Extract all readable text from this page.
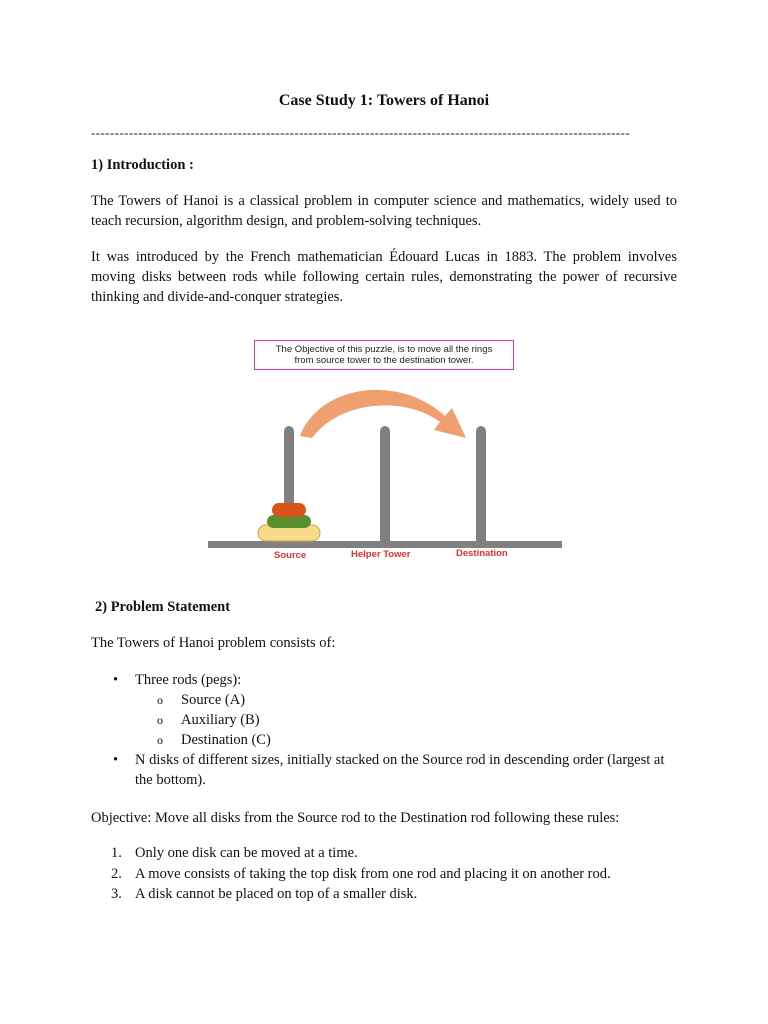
Case Study 1: Towers of Hanoi
------------------------------------------------------------------------------------------------------------------
1) Introduction :
The Towers of Hanoi is a classical problem in computer science and mathematics, widely used to teach recursion, algorithm design, and problem-solving techniques.
It was introduced by the French mathematician Édouard Lucas in 1883. The problem involves moving disks between rods while following certain rules, demonstrating the power of recursive thinking and divide-and-conquer strategies.
The Objective of this puzzle, is to move all the rings
from source tower to the destination tower.
Source	Helper Tower	Destination
2) Problem Statement
The Towers of Hanoi problem consists of:
• Three rods (pegs):
o Source (A)
o Auxiliary (B)
o Destination (C)
• N disks of different sizes, initially stacked on the Source rod in descending order (largest at the bottom).
Objective: Move all disks from the Source rod to the Destination rod following these rules:
1. Only one disk can be moved at a time.
2. A move consists of taking the top disk from one rod and placing it on another rod.
3. A disk cannot be placed on top of a smaller disk.
